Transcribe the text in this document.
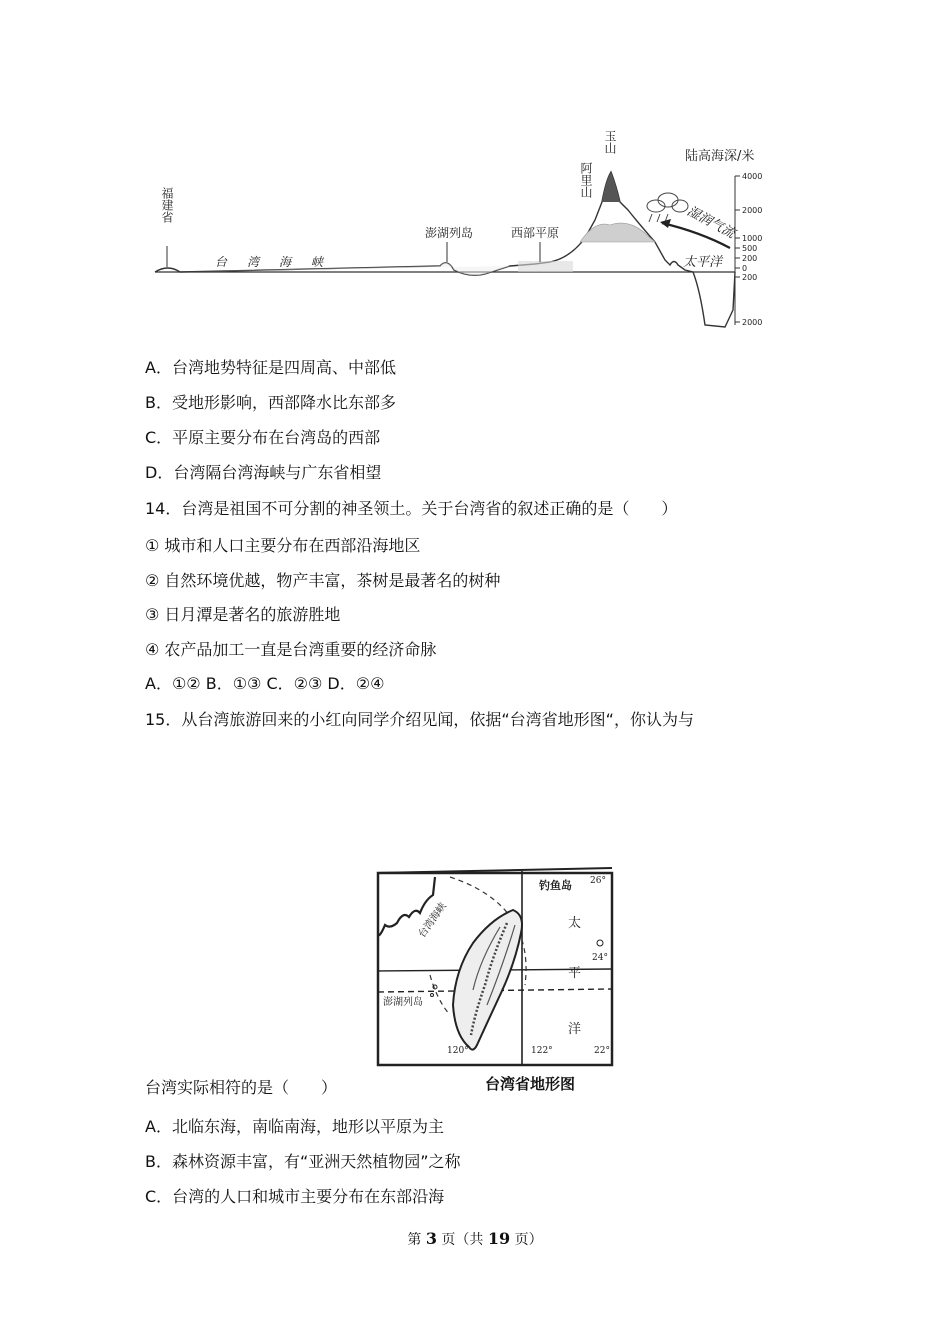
福建省
台湾海峡
澎湖列岛	西部平原
阿里山
玉山
湿润气流
太平洋
陆高海深/米
4000
2000
1000
500
200
0
200
2000
A．台湾地势特征是四周高、中部低
B．受地形影响，西部降水比东部多
C．平原主要分布在台湾岛的西部
D．台湾隔台湾海峡与广东省相望
14．台湾是祖国不可分割的神圣领土。关于台湾省的叙述正确的是（　　）
① 城市和人口主要分布在西部沿海地区
② 自然环境优越，物产丰富，茶树是最著名的树种
③ 日月潭是著名的旅游胜地
④ 农产品加工一直是台湾重要的经济命脉
A．①② B．①③ C．②③ D．②④
15．从台湾旅游回来的小红向同学介绍见闻，依据“台湾省地形图“，你认为与
钓鱼岛 26°
太
24°
平
洋
120°	122°	22°
台湾海峡
澎湖列岛
台湾实际相符的是（　　）	台湾省地形图
A．北临东海，南临南海，地形以平原为主
B．森林资源丰富，有“亚洲天然植物园”之称
C．台湾的人口和城市主要分布在东部沿海
第 3 页（共 19 页）
